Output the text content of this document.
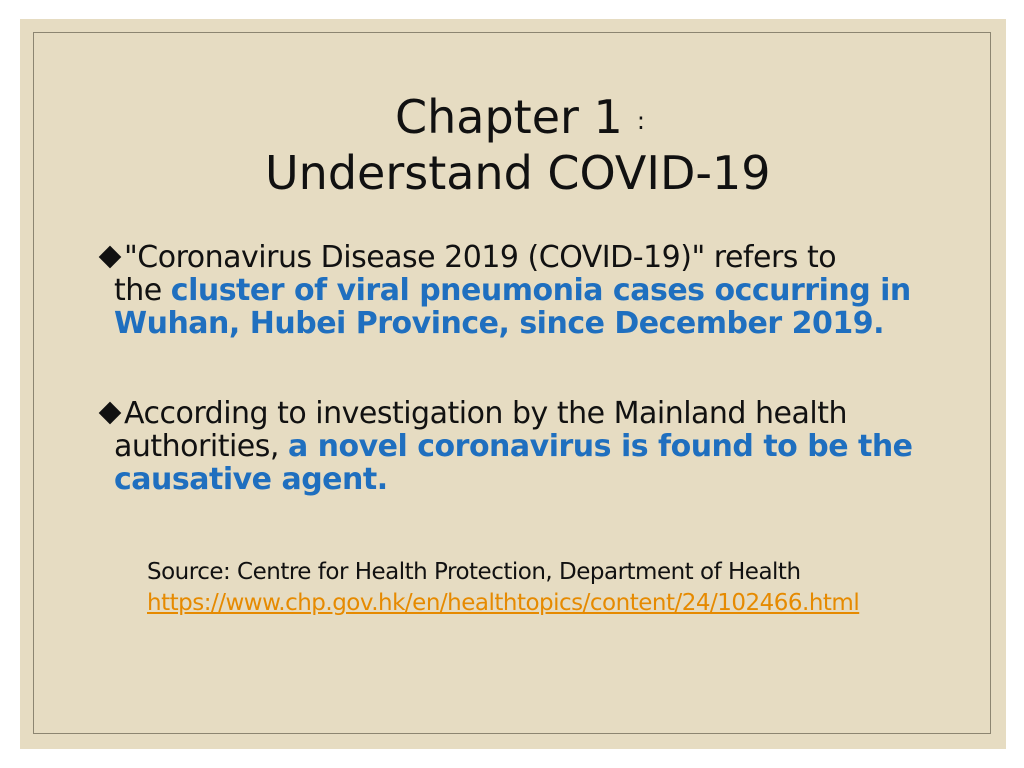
Chapter 1 :
Understand COVID-19
"Coronavirus Disease 2019 (COVID-19)" refers to
the cluster of viral pneumonia cases occurring in
Wuhan, Hubei Province, since December 2019.
According to investigation by the Mainland health
authorities, a novel coronavirus is found to be the
causative agent.
Source: Centre for Health Protection, Department of Health
https://www.chp.gov.hk/en/healthtopics/content/24/102466.html
